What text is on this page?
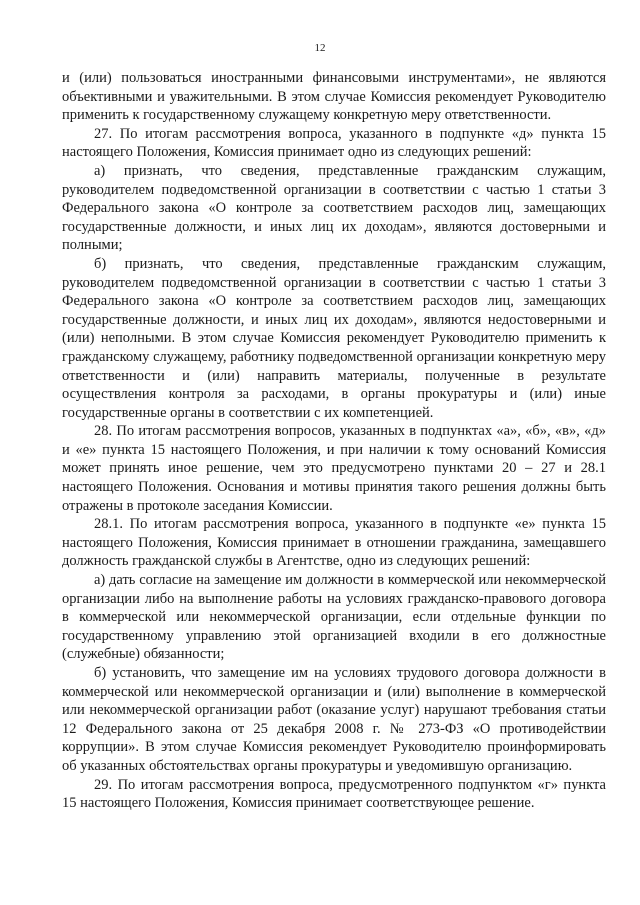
12

и (или) пользоваться иностранными финансовыми инструментами», не являются объективными и уважительными. В этом случае Комиссия рекомендует Руководителю применить к государственному служащему конкретную меру ответственности.

27. По итогам рассмотрения вопроса, указанного в подпункте «д» пункта 15 настоящего Положения, Комиссия принимает одно из следующих решений:

а) признать, что сведения, представленные гражданским служащим, руководителем подведомственной организации в соответствии с частью 1 статьи 3 Федерального закона «О контроле за соответствием расходов лиц, замещающих государственные должности, и иных лиц их доходам», являются достоверными и полными;

б) признать, что сведения, представленные гражданским служащим, руководителем подведомственной организации в соответствии с частью 1 статьи 3 Федерального закона «О контроле за соответствием расходов лиц, замещающих государственные должности, и иных лиц их доходам», являются недостоверными и (или) неполными. В этом случае Комиссия рекомендует Руководителю применить к гражданскому служащему, работнику подведомственной организации конкретную меру ответственности и (или) направить материалы, полученные в результате осуществления контроля за расходами, в органы прокуратуры и (или) иные государственные органы в соответствии с их компетенцией.

28. По итогам рассмотрения вопросов, указанных в подпунктах «а», «б», «в», «д» и «е» пункта 15 настоящего Положения, и при наличии к тому оснований Комиссия может принять иное решение, чем это предусмотрено пунктами 20 – 27 и 28.1 настоящего Положения. Основания и мотивы принятия такого решения должны быть отражены в протоколе заседания Комиссии.

28.1. По итогам рассмотрения вопроса, указанного в подпункте «е» пункта 15 настоящего Положения, Комиссия принимает в отношении гражданина, замещавшего должность гражданской службы в Агентстве, одно из следующих решений:

а) дать согласие на замещение им должности в коммерческой или некоммерческой организации либо на выполнение работы на условиях гражданско-правового договора в коммерческой или некоммерческой организации, если отдельные функции по государственному управлению этой организацией входили в его должностные (служебные) обязанности;

б) установить, что замещение им на условиях трудового договора должности в коммерческой или некоммерческой организации и (или) выполнение в коммерческой или некоммерческой организации работ (оказание услуг) нарушают требования статьи 12 Федерального закона от 25 декабря 2008 г. № 273-ФЗ «О противодействии коррупции». В этом случае Комиссия рекомендует Руководителю проинформировать об указанных обстоятельствах органы прокуратуры и уведомившую организацию.

29. По итогам рассмотрения вопроса, предусмотренного подпунктом «г» пункта 15 настоящего Положения, Комиссия принимает соответствующее решение.
